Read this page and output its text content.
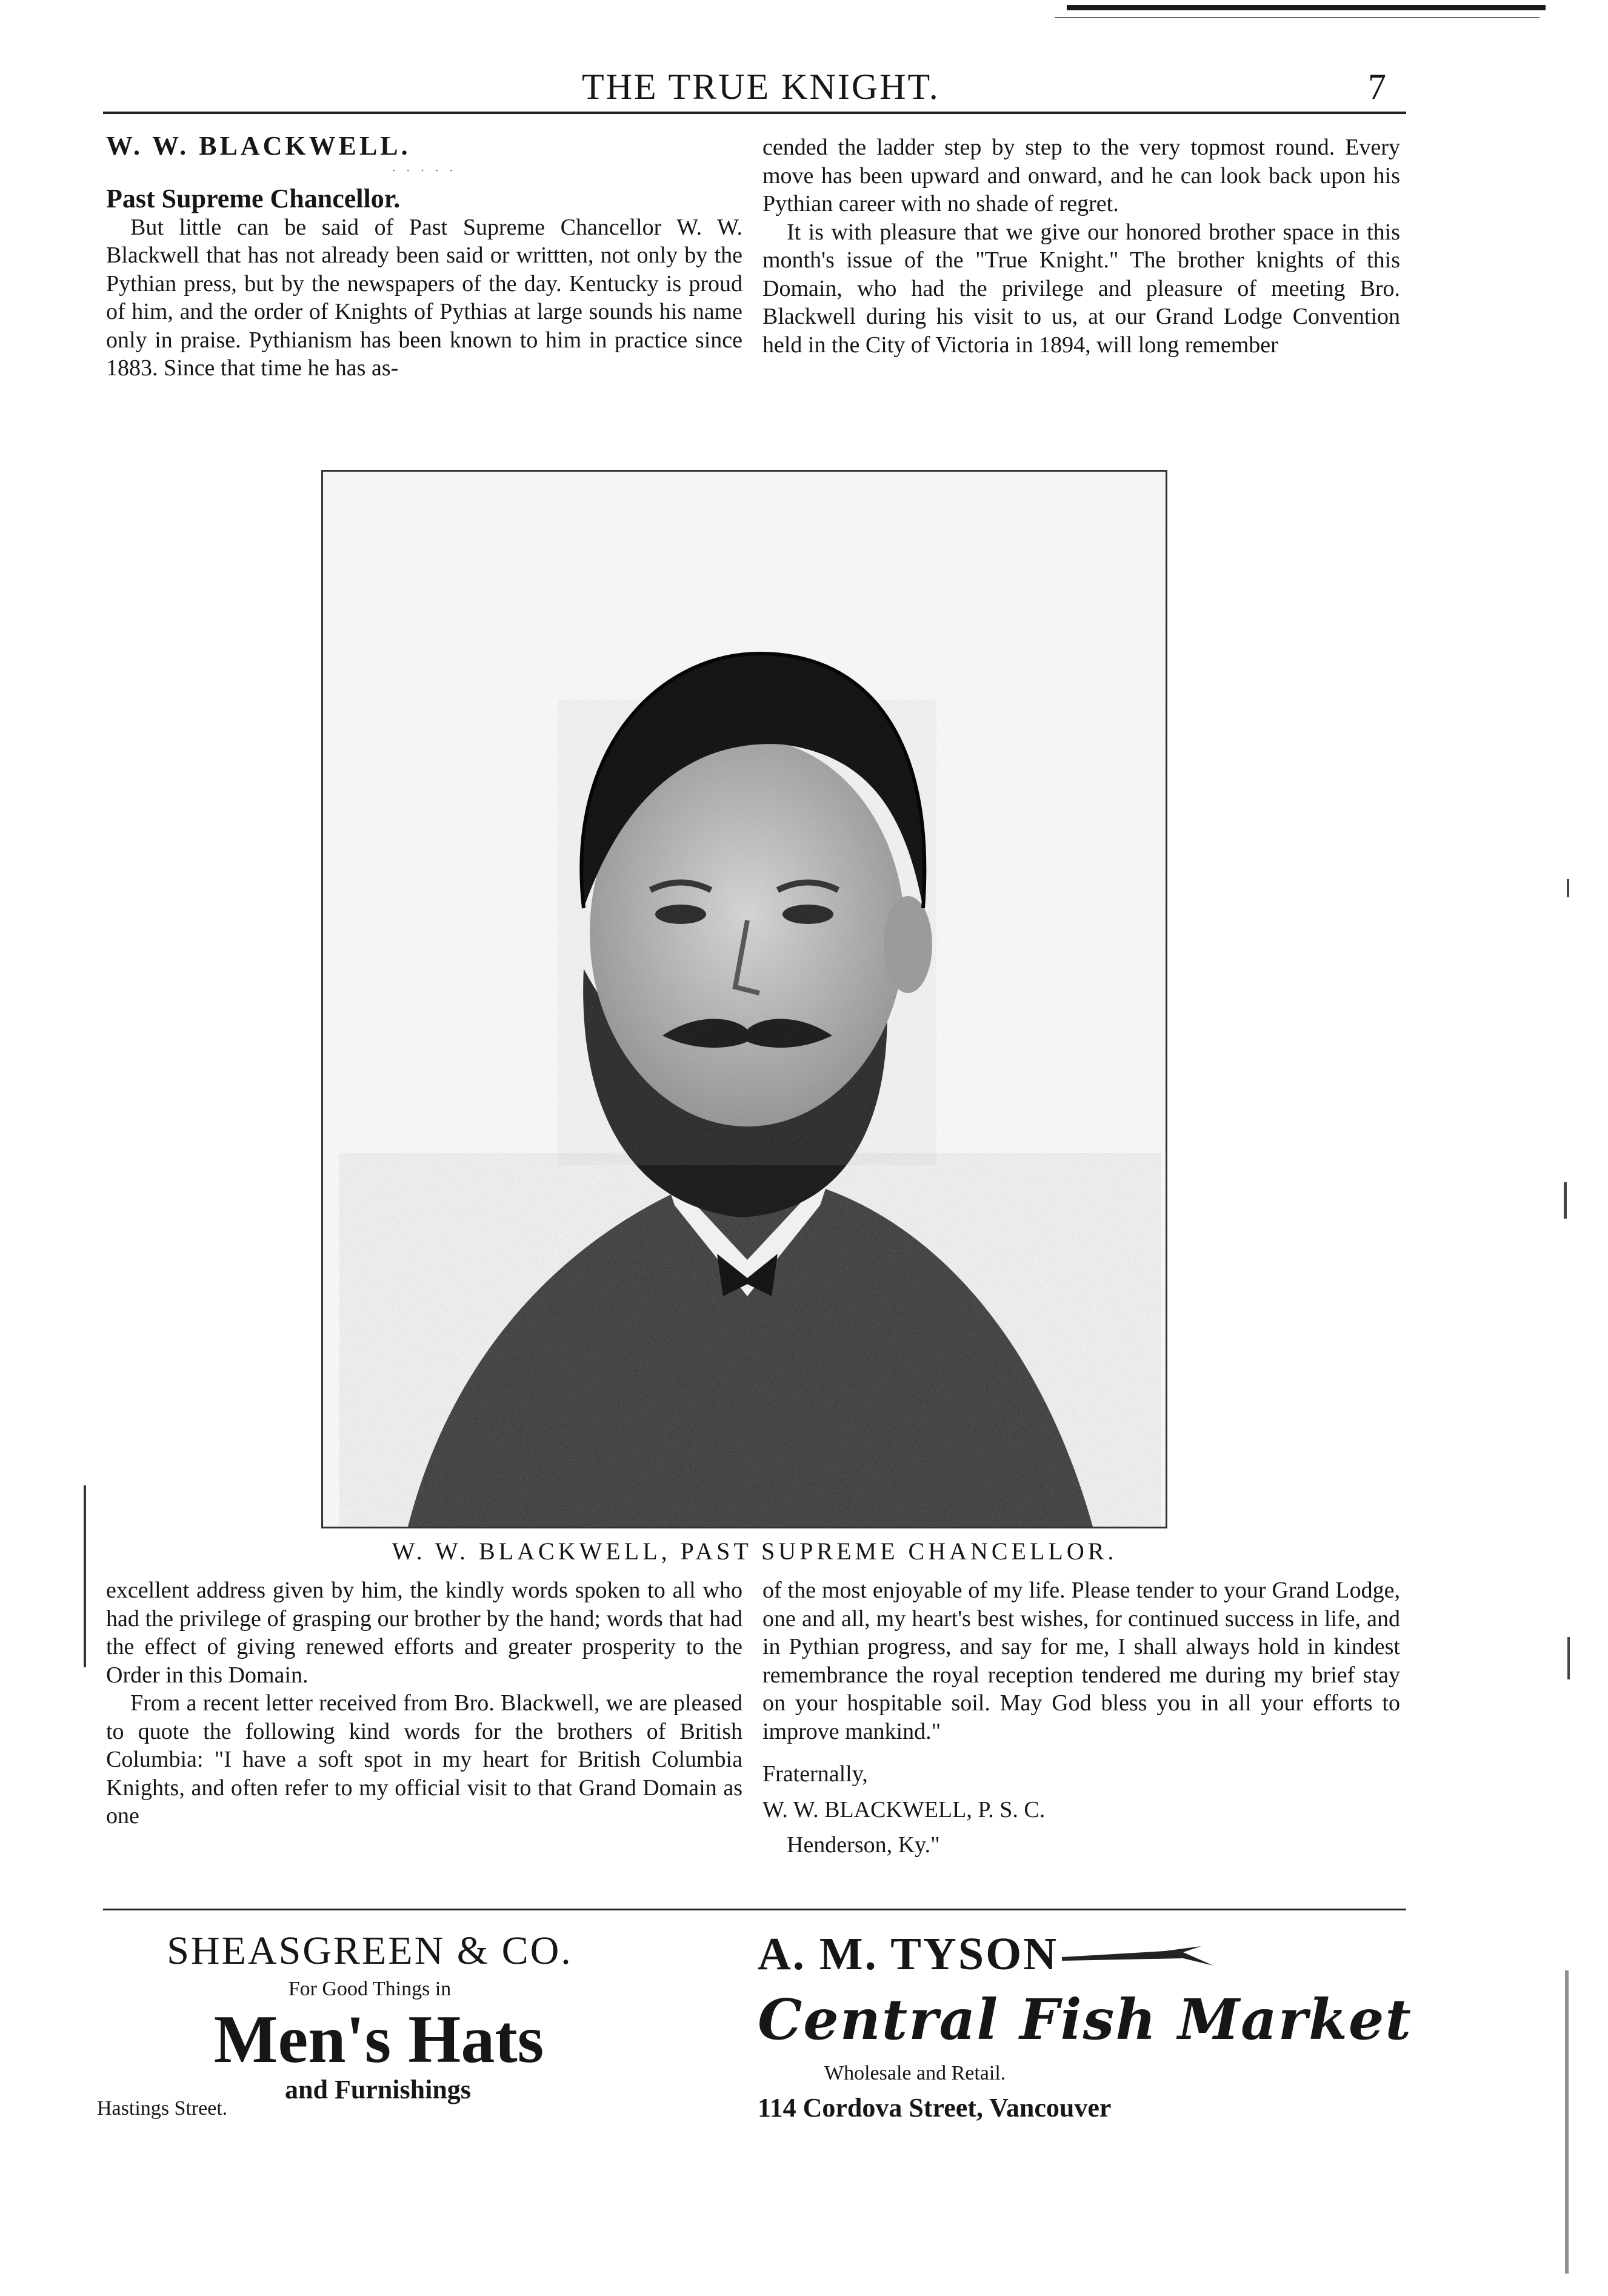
THE TRUE KNIGHT.	7

W. W. BLACKWELL.

· · · · ·

Past Supreme Chancellor.

But little can be said of Past Supreme Chancellor W. W. Blackwell that has not already been said or writtten, not only by the Pythian press, but by the newspapers of the day. Kentucky is proud of him, and the order of Knights of Pythias at large sounds his name only in praise. Pythianism has been known to him in practice since 1883. Since that time he has as-

cended the ladder step by step to the very topmost round. Every move has been upward and onward, and he can look back upon his Pythian career with no shade of regret.

It is with pleasure that we give our honored brother space in this month's issue of the "True Knight." The brother knights of this Domain, who had the privilege and pleasure of meeting Bro. Blackwell during his visit to us, at our Grand Lodge Convention held in the City of Victoria in 1894, will long remember

W. W. BLACKWELL, PAST SUPREME CHANCELLOR.

excellent address given by him, the kindly words spoken to all who had the privilege of grasping our brother by the hand; words that had the effect of giving renewed efforts and greater prosperity to the Order in this Domain.

From a recent letter received from Bro. Blackwell, we are pleased to quote the following kind words for the brothers of British Columbia: "I have a soft spot in my heart for British Columbia Knights, and often refer to my official visit to that Grand Domain as one

of the most enjoyable of my life. Please tender to your Grand Lodge, one and all, my heart's best wishes, for continued success in life, and in Pythian progress, and say for me, I shall always hold in kindest remembrance the royal reception tendered me during my brief stay on your hospitable soil. May God bless you in all your efforts to improve mankind."

Fraternally,

W. W. BLACKWELL, P. S. C.

Henderson, Ky."

SHEASGREEN & CO.
For Good Things in
Men's Hats
and Furnishings
Hastings Street.
A. M. TYSON
Central Fish Market
Wholesale and Retail.
114 Cordova Street, Vancouver
